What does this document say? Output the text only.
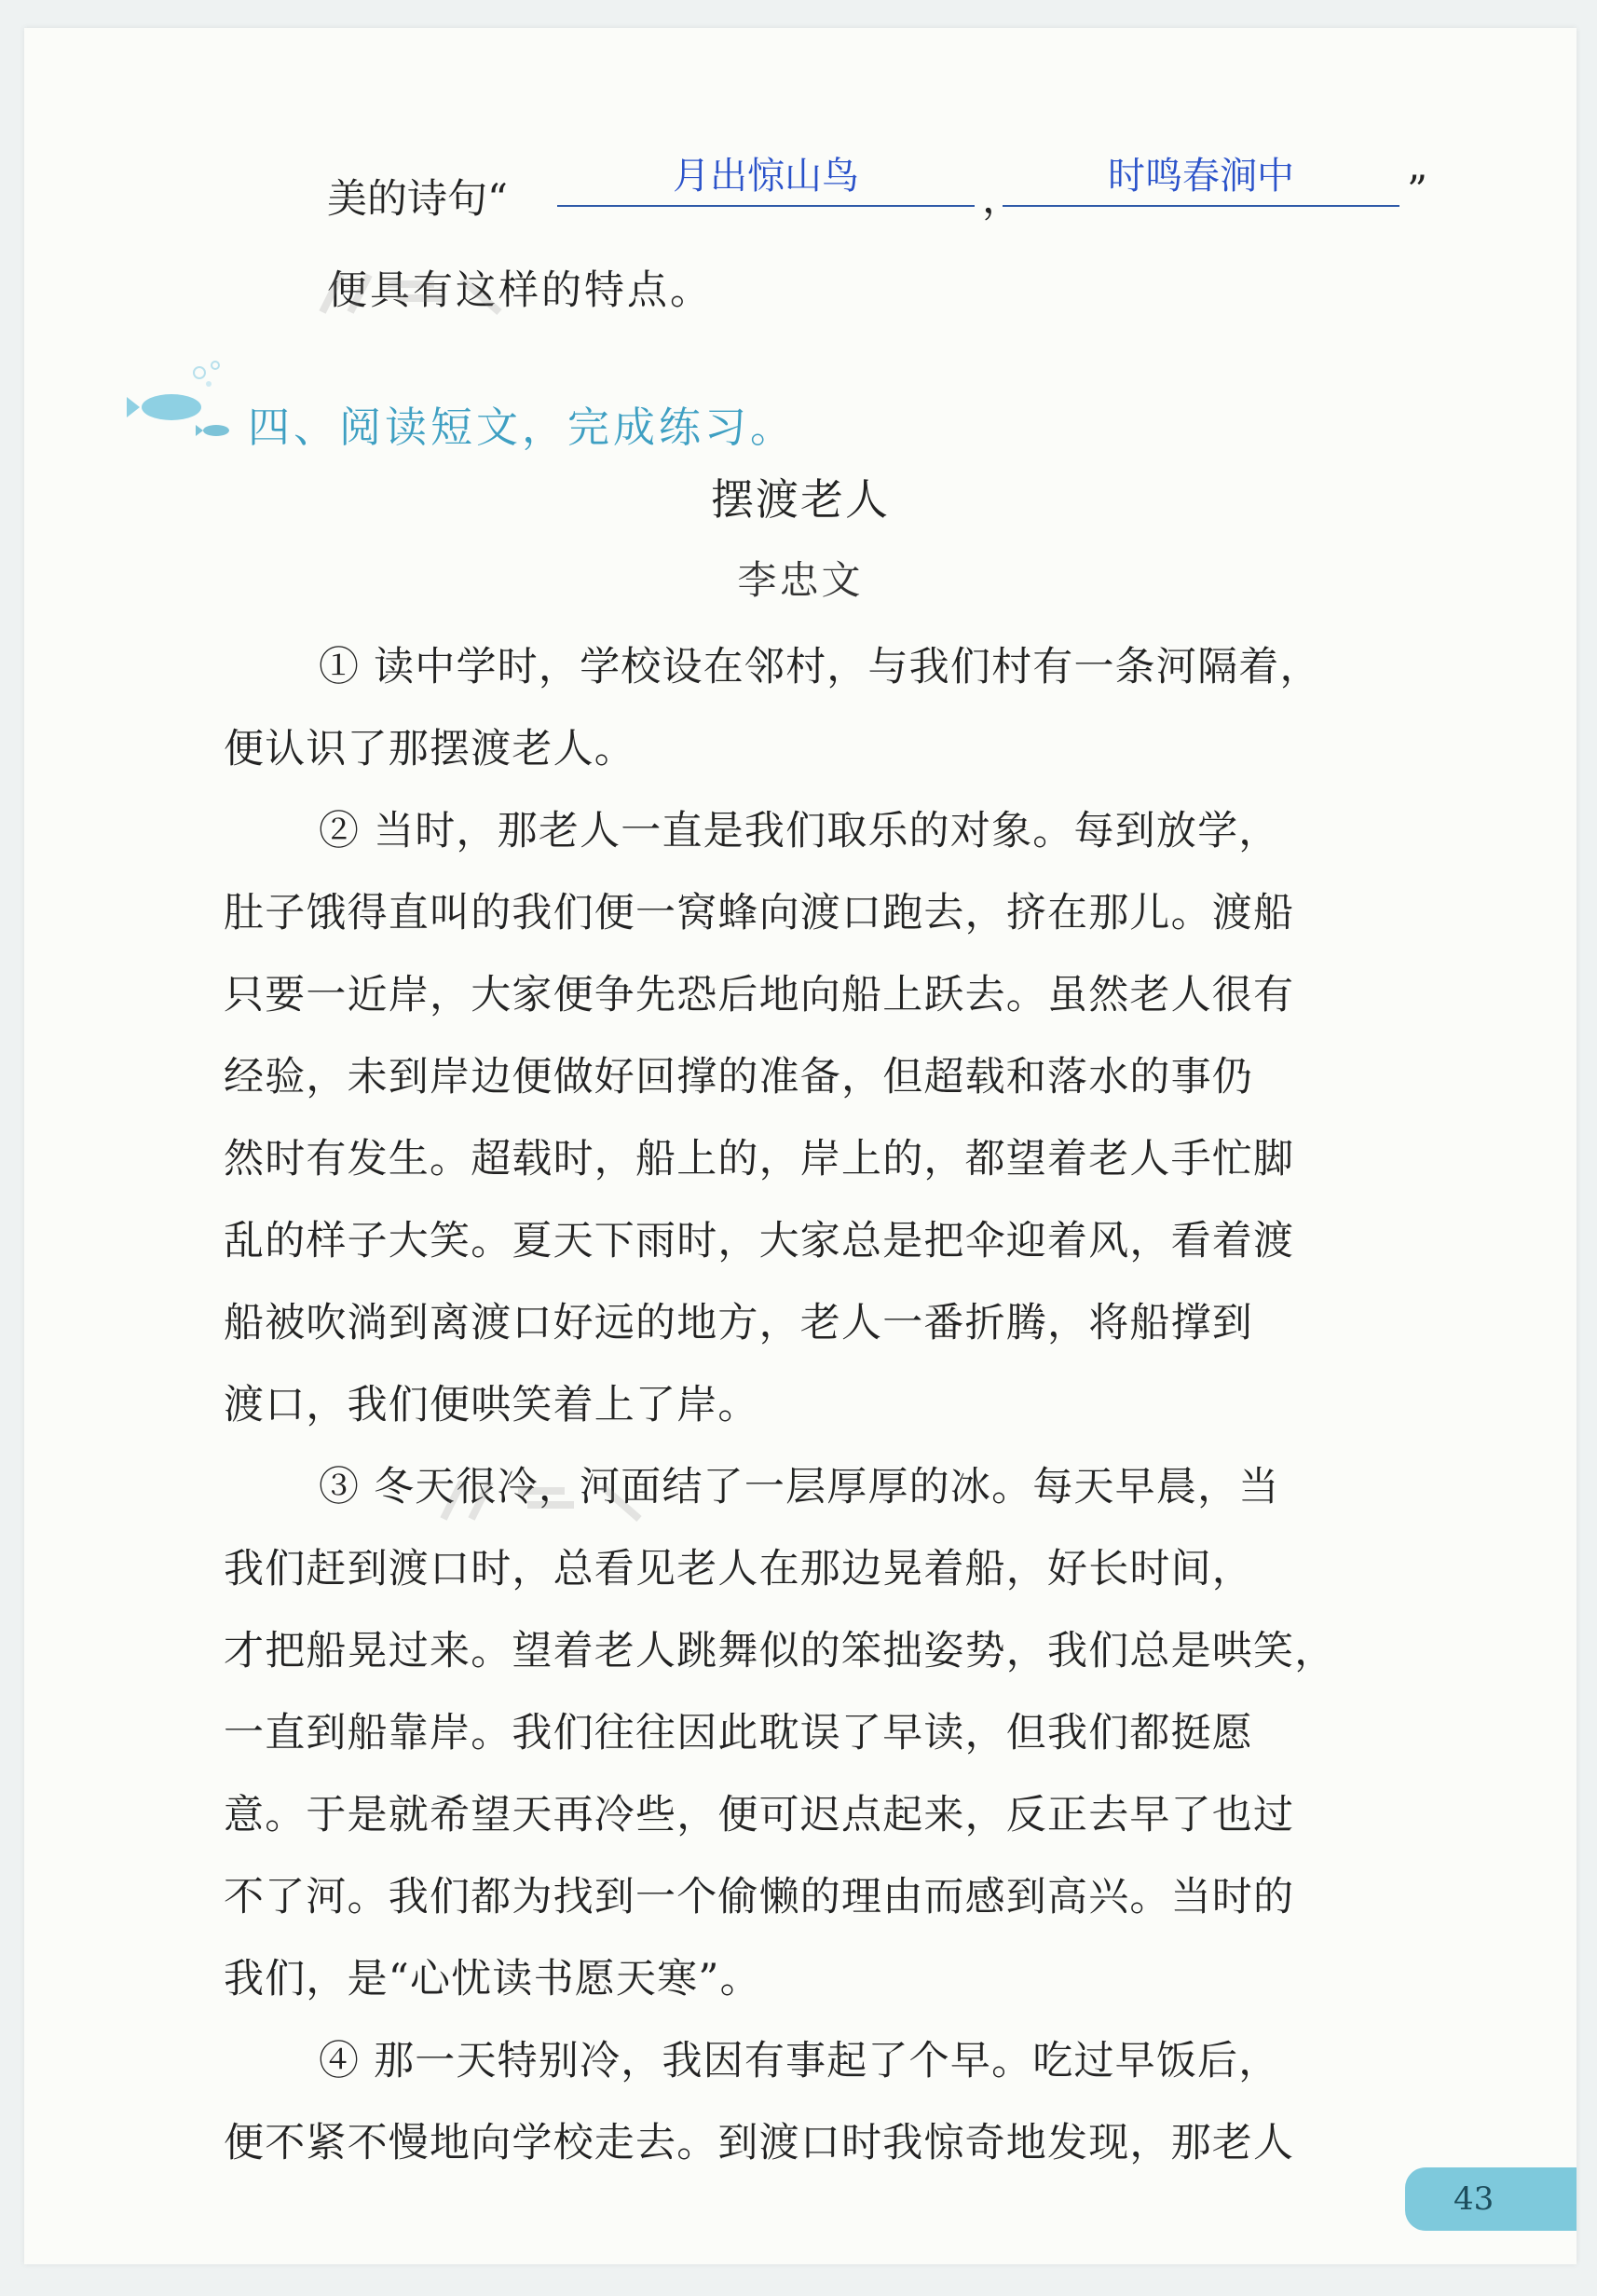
美的诗句“	月出惊山鸟	，	时鸣春涧中	”
便具有这样的特点。
四、阅读短文，完成练习。
摆渡老人
李忠文
① 读中学时，学校设在邻村，与我们村有一条河隔着，
便认识了那摆渡老人。
② 当时，那老人一直是我们取乐的对象。每到放学，
肚子饿得直叫的我们便一窝蜂向渡口跑去，挤在那儿。渡船
只要一近岸，大家便争先恐后地向船上跃去。虽然老人很有
经验，未到岸边便做好回撑的准备，但超载和落水的事仍
然时有发生。超载时，船上的，岸上的，都望着老人手忙脚
乱的样子大笑。夏天下雨时，大家总是把伞迎着风，看着渡
船被吹淌到离渡口好远的地方，老人一番折腾，将船撑到
渡口，我们便哄笑着上了岸。
③ 冬天很冷，河面结了一层厚厚的冰。每天早晨，当
我们赶到渡口时，总看见老人在那边晃着船，好长时间，
才把船晃过来。望着老人跳舞似的笨拙姿势，我们总是哄笑，
一直到船靠岸。我们往往因此耽误了早读，但我们都挺愿
意。于是就希望天再冷些，便可迟点起来，反正去早了也过
不了河。我们都为找到一个偷懒的理由而感到高兴。当时的
我们，是“心忧读书愿天寒”。
④ 那一天特别冷，我因有事起了个早。吃过早饭后，
便不紧不慢地向学校走去。到渡口时我惊奇地发现，那老人
43
